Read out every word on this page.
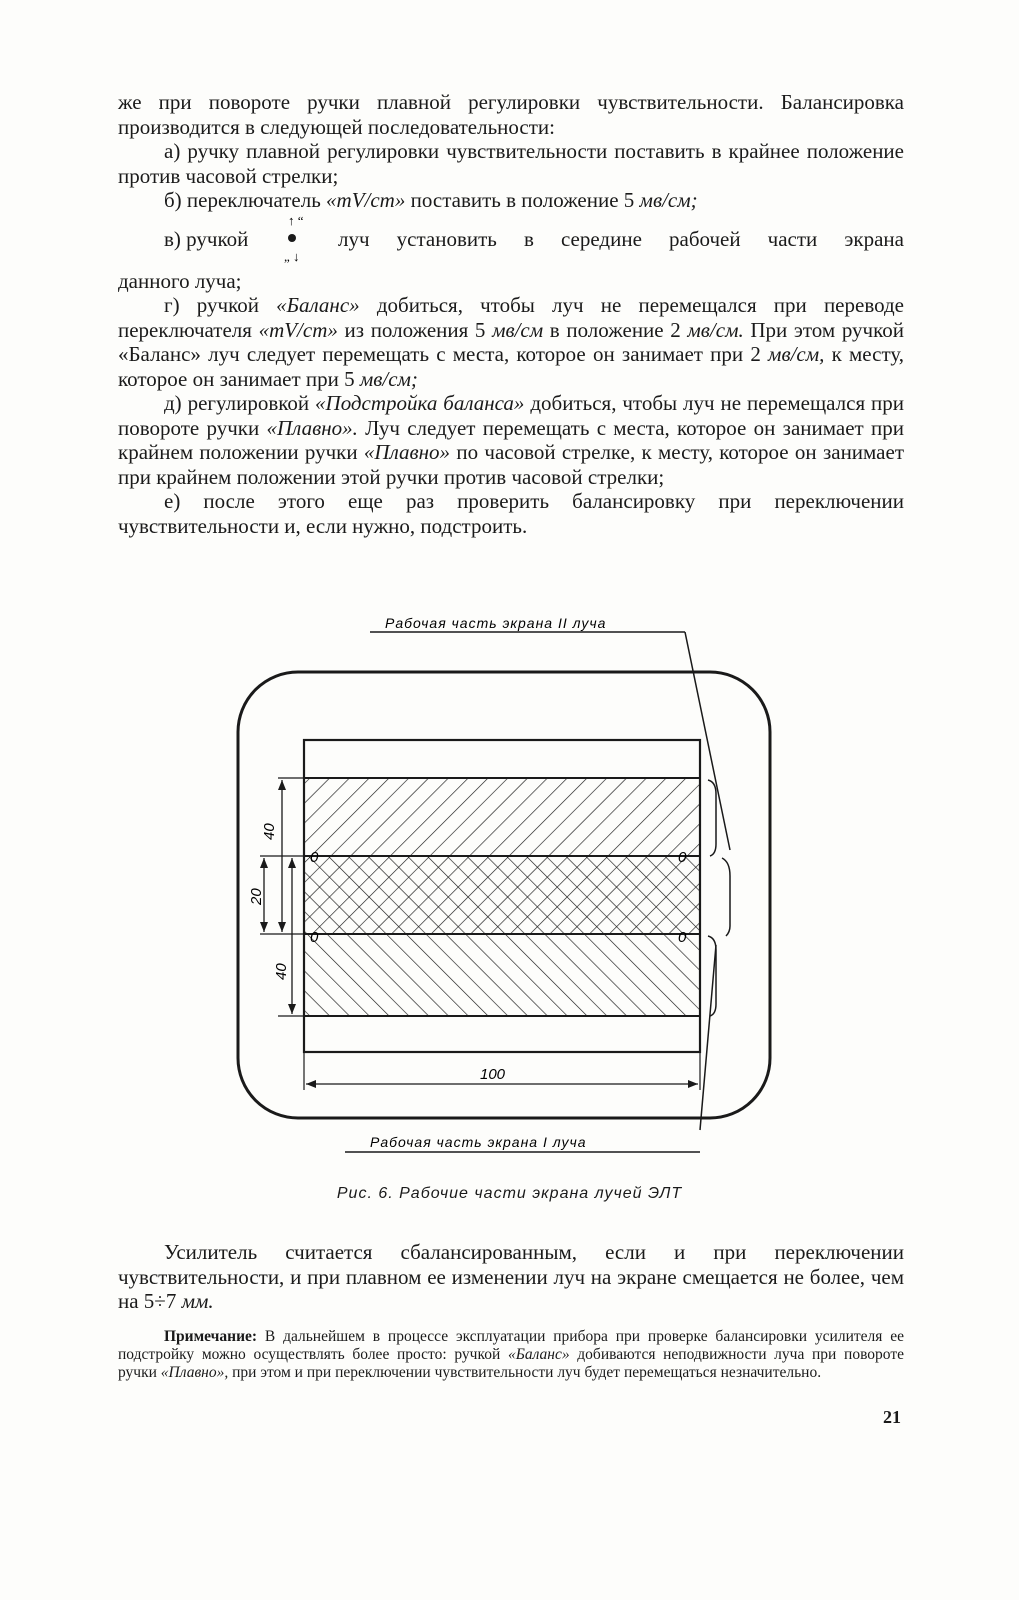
же при повороте ручки плавной регулировки чувствительности. Балансировка производится в следующей последовательности:

а) ручку плавной регулировки чувствительности поставить в крайнее положение против часовой стрелки;

б) переключатель «mV/cm» поставить в положение 5 мв/см;

в) ручкой
↑ “
„ ↓
луч установить в середине рабочей части экрана

данного луча;

г) ручкой «Баланс» добиться, чтобы луч не перемещался при переводе переключателя «mV/cm» из положения 5 мв/см в положение 2 мв/см. При этом ручкой «Баланс» луч следует перемещать с места, которое он занимает при 2 мв/см, к месту, которое он занимает при 5 мв/см;

д) регулировкой «Подстройка баланса» добиться, чтобы луч не перемещался при повороте ручки «Плавно». Луч следует перемещать с места, которое он занимает при крайнем положении ручки «Плавно» по часовой стрелке, к месту, которое он занимает при крайнем положении этой ручки против часовой стрелки;

е) после этого еще раз проверить балансировку при переключении чувствительности и, если нужно, подстроить.

Рабочая часть экрана II луча
0	0
0	0
40
20
40
100
Рабочая часть экрана I луча
Рис. 6. Рабочие части экрана лучей ЭЛТ

Усилитель считается сбалансированным, если и при переключении чувствительности, и при плавном ее изменении луч на экране смещается не более, чем на 5÷7 мм.

Примечание: В дальнейшем в процессе эксплуатации прибора при проверке балансировки усилителя ее подстройку можно осуществлять более просто: ручкой «Баланс» добиваются неподвижности луча при повороте ручки «Плавно», при этом и при переключении чувствительности луч будет перемещаться незначительно.

21
